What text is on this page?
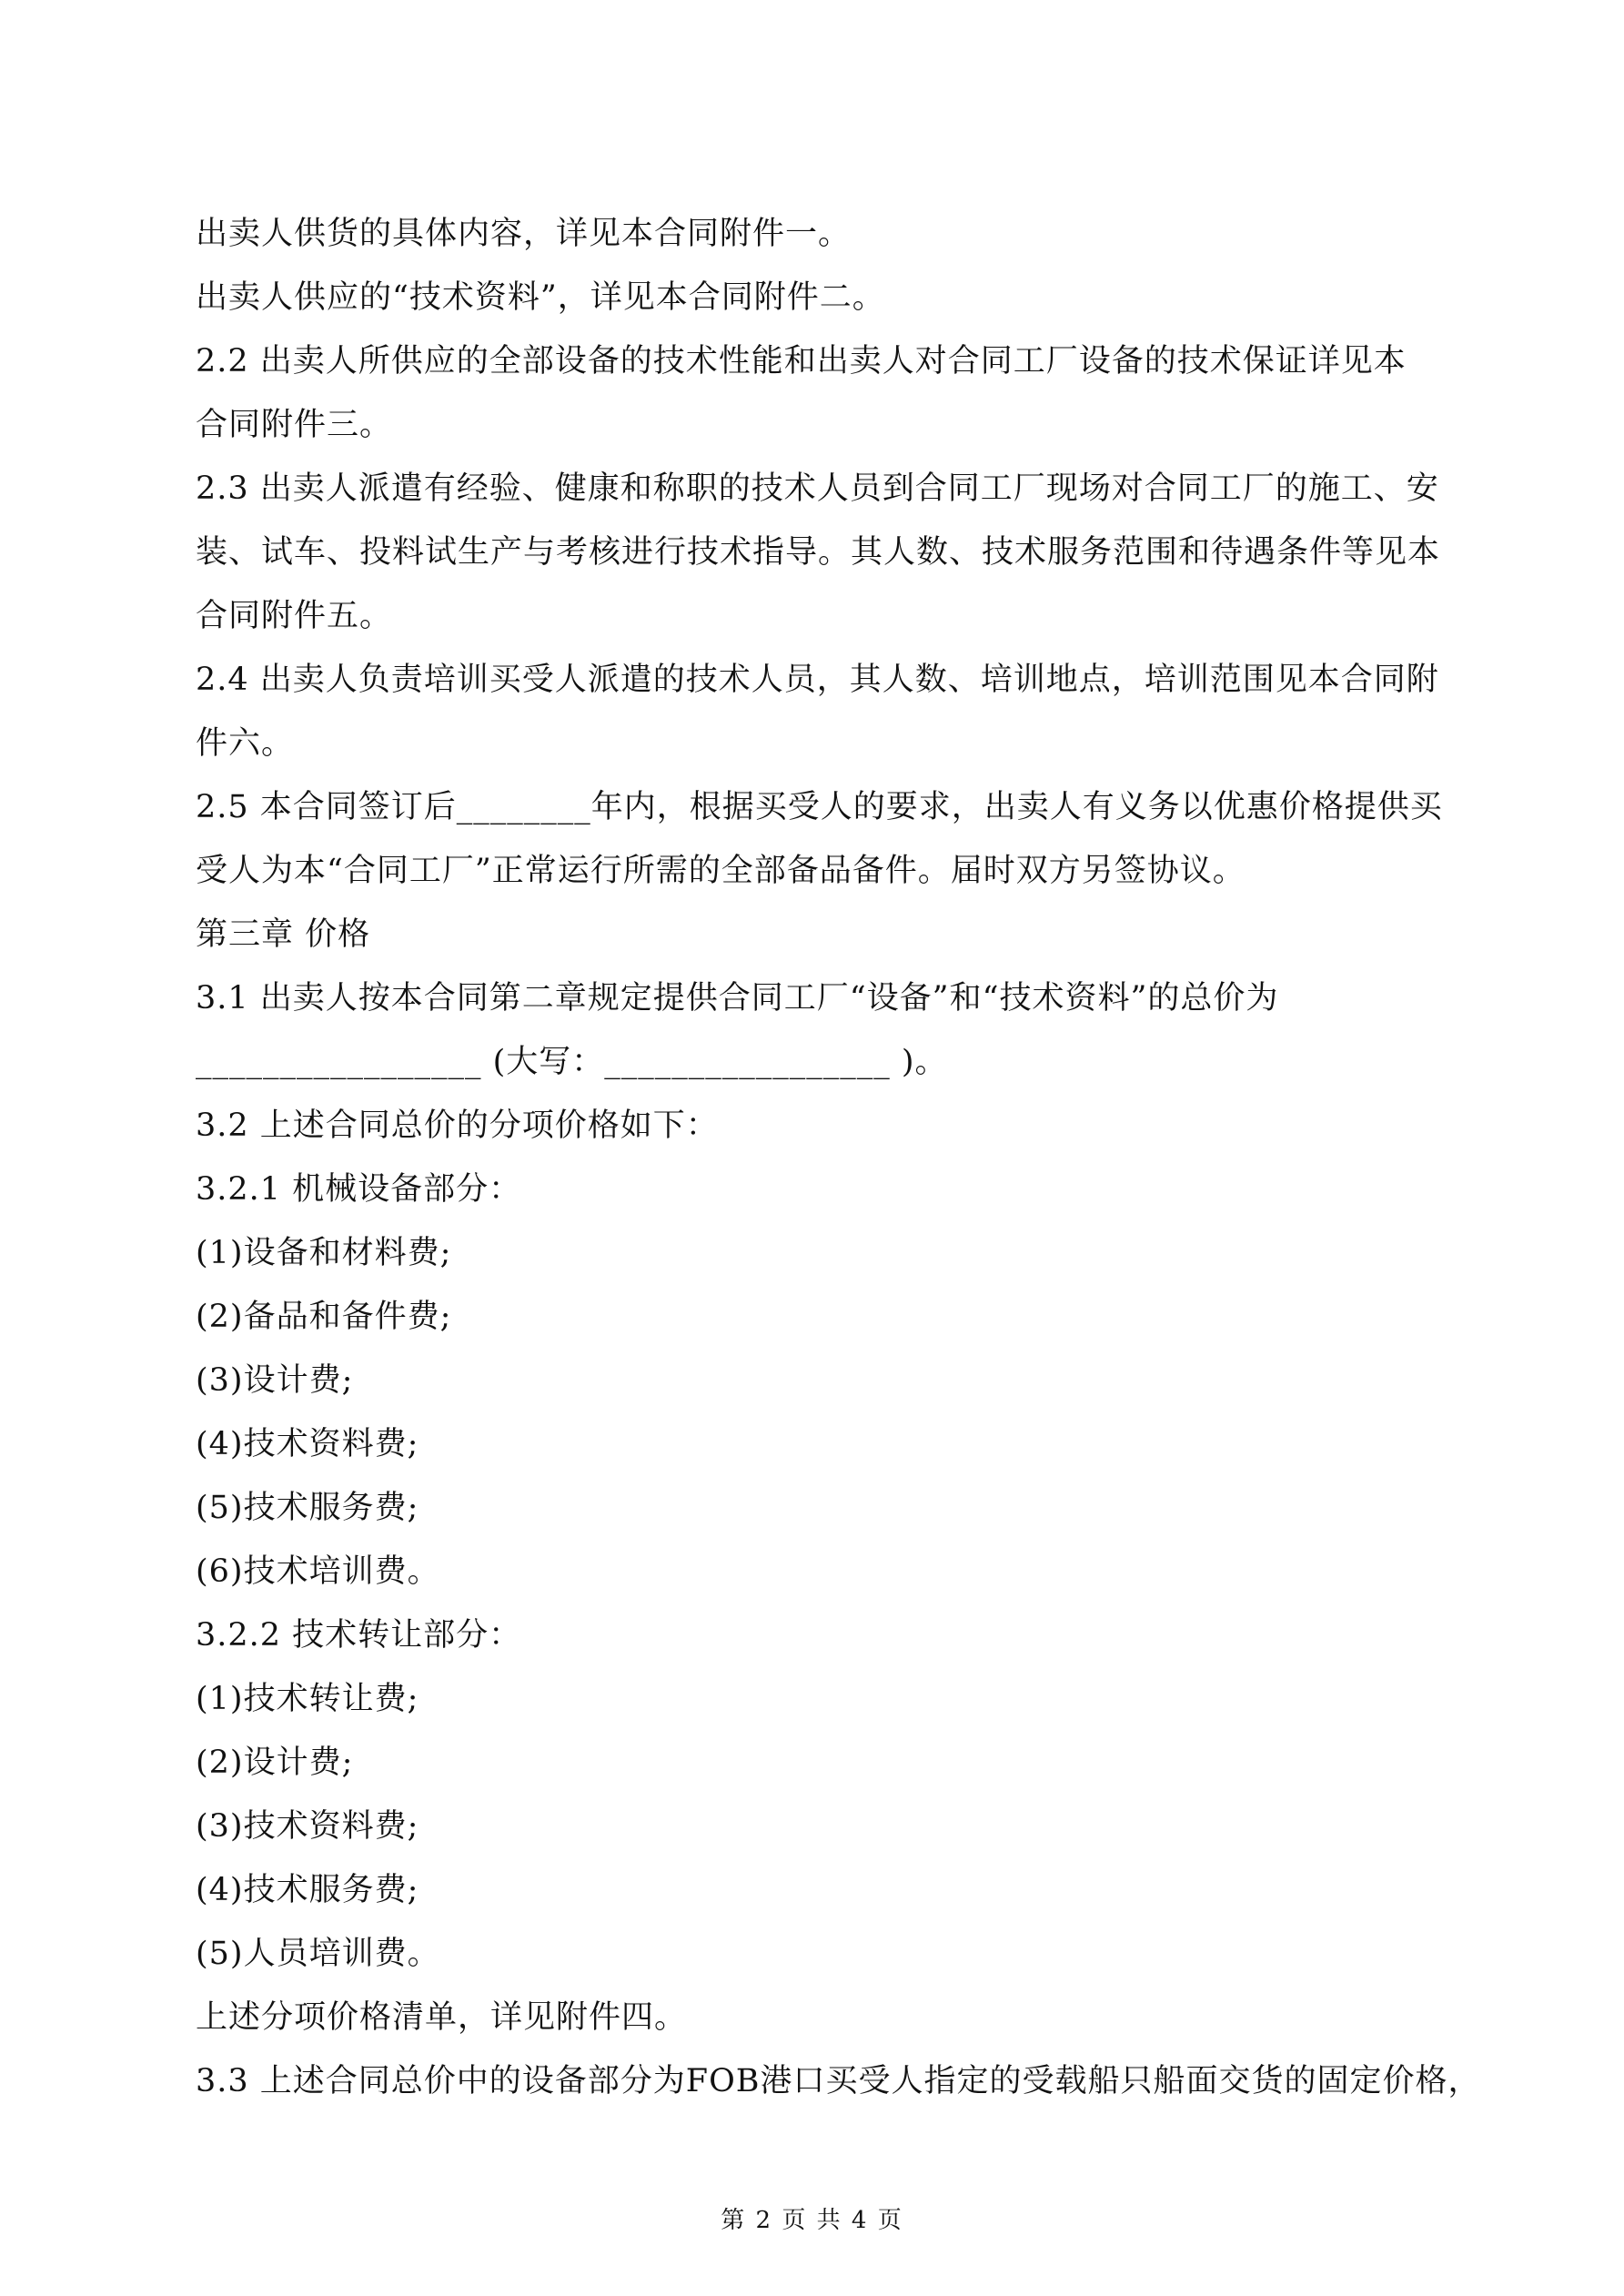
出卖人供货的具体内容，详见本合同附件一。
出卖人供应的“技术资料”，详见本合同附件二。
2.2 出卖人所供应的全部设备的技术性能和出卖人对合同工厂设备的技术保证详见本
合同附件三。
2.3 出卖人派遣有经验、健康和称职的技术人员到合同工厂现场对合同工厂的施工、安
装、试车、投料试生产与考核进行技术指导。其人数、技术服务范围和待遇条件等见本
合同附件五。
2.4 出卖人负责培训买受人派遣的技术人员，其人数、培训地点，培训范围见本合同附
件六。
2.5 本合同签订后________年内，根据买受人的要求，出卖人有义务以优惠价格提供买
受人为本“合同工厂”正常运行所需的全部备品备件。届时双方另签协议。
第三章 价格
3.1 出卖人按本合同第二章规定提供合同工厂“设备”和“技术资料”的总价为
_________________ (大写：_________________ )。
3.2 上述合同总价的分项价格如下：
3.2.1 机械设备部分：
(1)设备和材料费;
(2)备品和备件费;
(3)设计费;
(4)技术资料费;
(5)技术服务费;
(6)技术培训费。
3.2.2 技术转让部分：
(1)技术转让费;
(2)设计费;
(3)技术资料费;
(4)技术服务费;
(5)人员培训费。
上述分项价格清单，详见附件四。
3.3 上述合同总价中的设备部分为FOB港口买受人指定的受载船只船面交货的固定价格，
第 2 页 共 4 页
